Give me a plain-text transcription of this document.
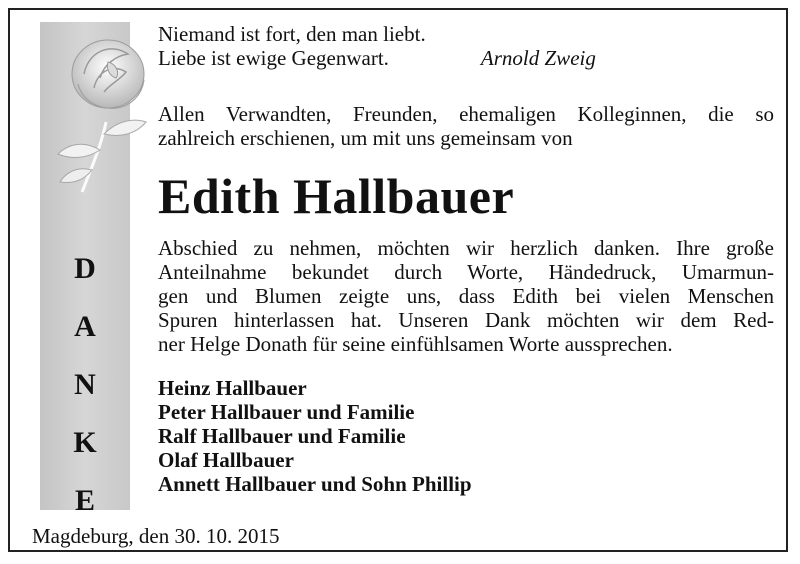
D
A
N
K
E
Niemand ist fort, den man liebt.
Liebe ist ewige Gegenwart.	Arnold Zweig
Allen Verwandten, Freunden, ehemaligen Kolleginnen, die so
zahlreich erschienen, um mit uns gemeinsam von
Edith Hallbauer
Abschied zu nehmen, möchten wir herzlich danken. Ihre große
Anteilnahme bekundet durch Worte, Händedruck, Umarmun-
gen und Blumen zeigte uns, dass Edith bei vielen Menschen
Spuren hinterlassen hat. Unseren Dank möchten wir dem Red-
ner Helge Donath für seine einfühlsamen Worte aussprechen.
Heinz Hallbauer
Peter Hallbauer und Familie
Ralf Hallbauer und Familie
Olaf Hallbauer
Annett Hallbauer und Sohn Phillip
Magdeburg, den 30. 10. 2015
